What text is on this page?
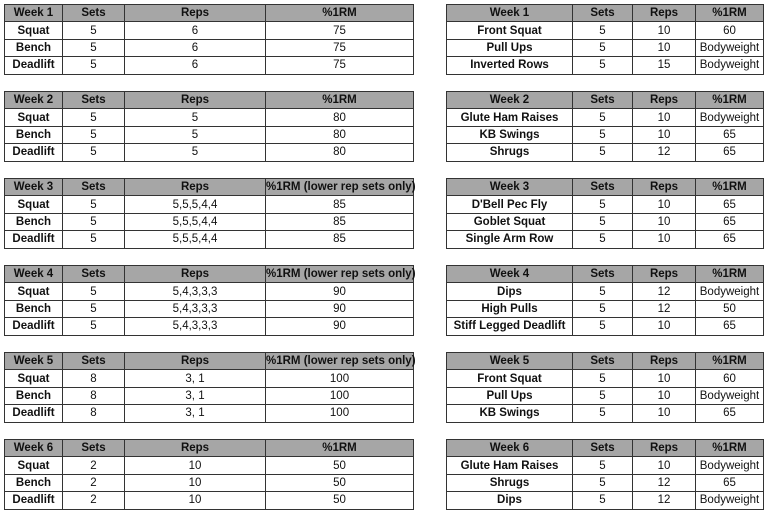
Week 1	Sets	Reps	%1RM
Squat	5	6	75
Bench	5	6	75
Deadlift	5	6	75
Week 2	Sets	Reps	%1RM
Squat	5	5	80
Bench	5	5	80
Deadlift	5	5	80
Week 3	Sets	Reps	%1RM (lower rep sets only)
Squat	5	5,5,5,4,4	85
Bench	5	5,5,5,4,4	85
Deadlift	5	5,5,5,4,4	85
Week 4	Sets	Reps	%1RM (lower rep sets only)
Squat	5	5,4,3,3,3	90
Bench	5	5,4,3,3,3	90
Deadlift	5	5,4,3,3,3	90
Week 5	Sets	Reps	%1RM (lower rep sets only)
Squat	8	3, 1	100
Bench	8	3, 1	100
Deadlift	8	3, 1	100
Week 6	Sets	Reps	%1RM
Squat	2	10	50
Bench	2	10	50
Deadlift	2	10	50
Week 1	Sets	Reps	%1RM
Front Squat	5	10	60
Pull Ups	5	10	Bodyweight
Inverted Rows	5	15	Bodyweight
Week 2	Sets	Reps	%1RM
Glute Ham Raises	5	10	Bodyweight
KB Swings	5	10	65
Shrugs	5	12	65
Week 3	Sets	Reps	%1RM
D'Bell Pec Fly	5	10	65
Goblet Squat	5	10	65
Single Arm Row	5	10	65
Week 4	Sets	Reps	%1RM
Dips	5	12	Bodyweight
High Pulls	5	12	50
Stiff Legged Deadlift	5	10	65
Week 5	Sets	Reps	%1RM
Front Squat	5	10	60
Pull Ups	5	10	Bodyweight
KB Swings	5	10	65
Week 6	Sets	Reps	%1RM
Glute Ham Raises	5	10	Bodyweight
Shrugs	5	12	65
Dips	5	12	Bodyweight
